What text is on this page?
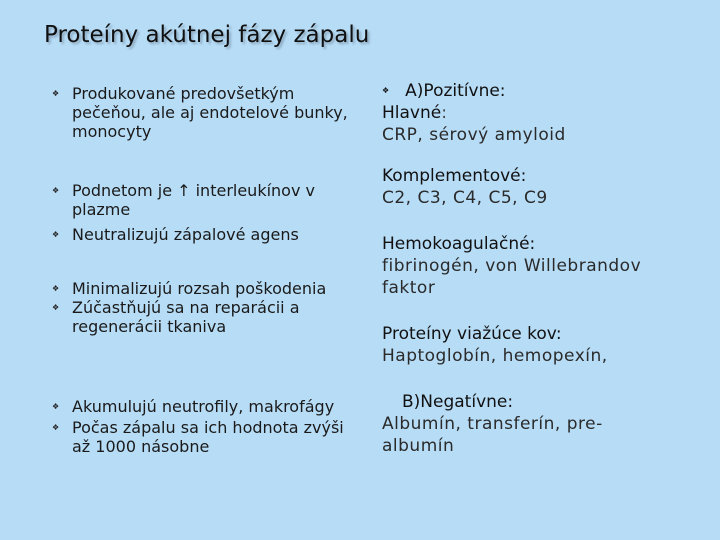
Proteíny akútnej fázy zápalu
❖ Produkované predovšetkým pečeňou, ale aj endotelové bunky, monocyty
❖ Podnetom je ↑ interleukínov v plazme
❖ Neutralizujú zápalové agens
❖ Minimalizujú rozsah poškodenia
❖ Zúčastňujú sa na reparácii a regenerácii tkaniva
❖ Akumulujú neutrofily, makrofágy
❖ Počas zápalu sa ich hodnota zvýši až 1000 násobne
❖ A)Pozitívne:
Hlavné:
CRP, sérový amyloid
Komplementové:
C2, C3, C4, C5, C9
Hemokoagulačné:
fibrinogén, von Willebrandov faktor
Proteíny viažúce kov:
Haptoglobín, hemopexín,
B)Negatívne:
Albumín, transferín, pre-albumín
